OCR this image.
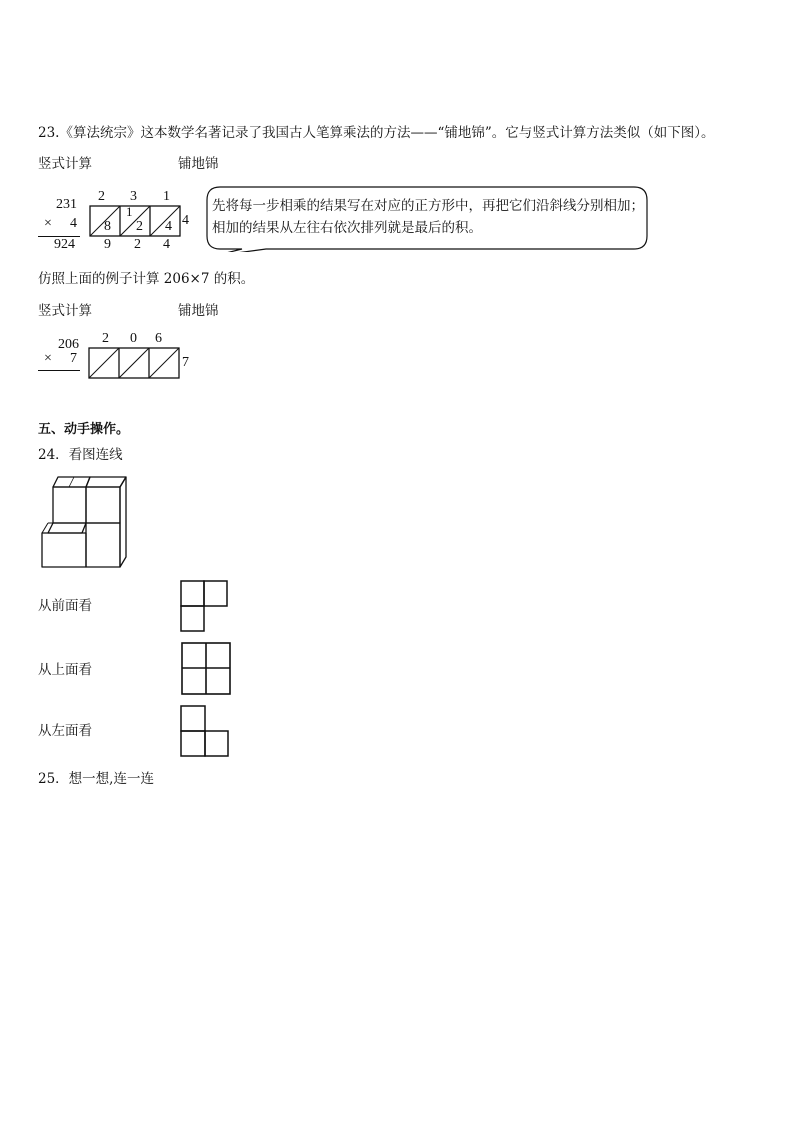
23.《算法统宗》这本数学名著记录了我国古人笔算乘法的方法——“铺地锦”。它与竖式计算方法类似（如下图）。
竖式计算	铺地锦
231
× 4
924
2 3 1
1
8 2 4 4
9 2 4
先将每一步相乘的结果写在对应的正方形中，再把它们沿斜线分别相加；相加的结果从左往右依次排列就是最后的积。
仿照上面的例子计算 206×7 的积。
竖式计算	铺地锦
206
× 7
2 0 6
7
五、动手操作。
24．看图连线
从前面看
从上面看
从左面看
25．想一想,连一连
